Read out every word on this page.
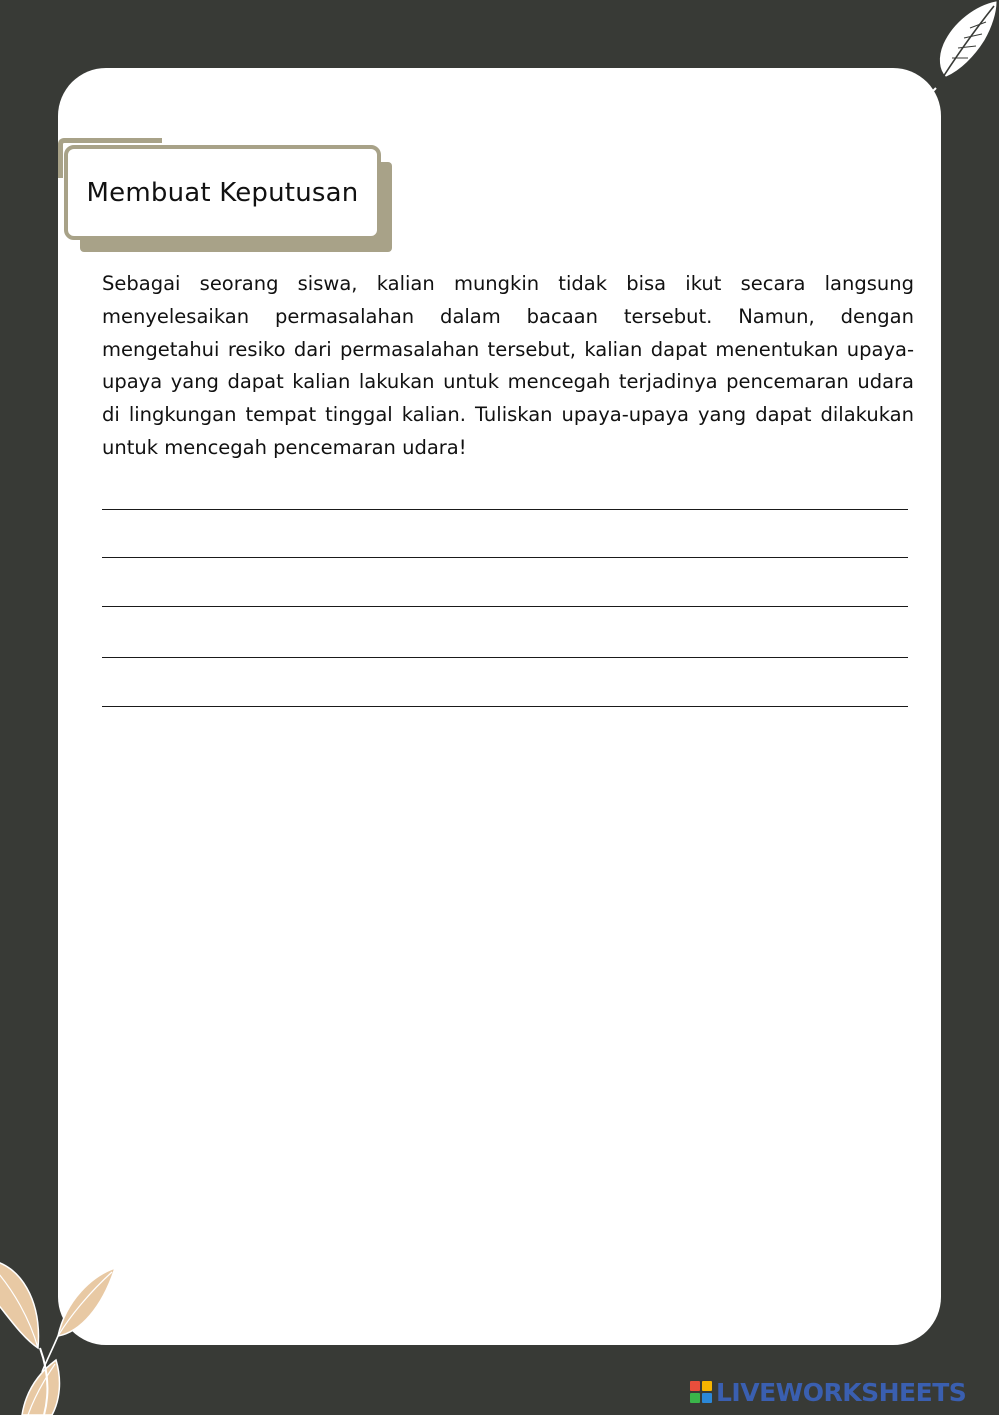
Membuat Keputusan

Sebagai seorang siswa, kalian mungkin tidak bisa ikut secara langsung menyelesaikan permasalahan dalam bacaan tersebut. Namun, dengan mengetahui resiko dari permasalahan tersebut, kalian dapat menentukan upaya-upaya yang dapat kalian lakukan untuk mencegah terjadinya pencemaran udara di lingkungan tempat tinggal kalian. Tuliskan upaya-upaya yang dapat dilakukan untuk mencegah pencemaran udara!

LIVEWORKSHEETS
